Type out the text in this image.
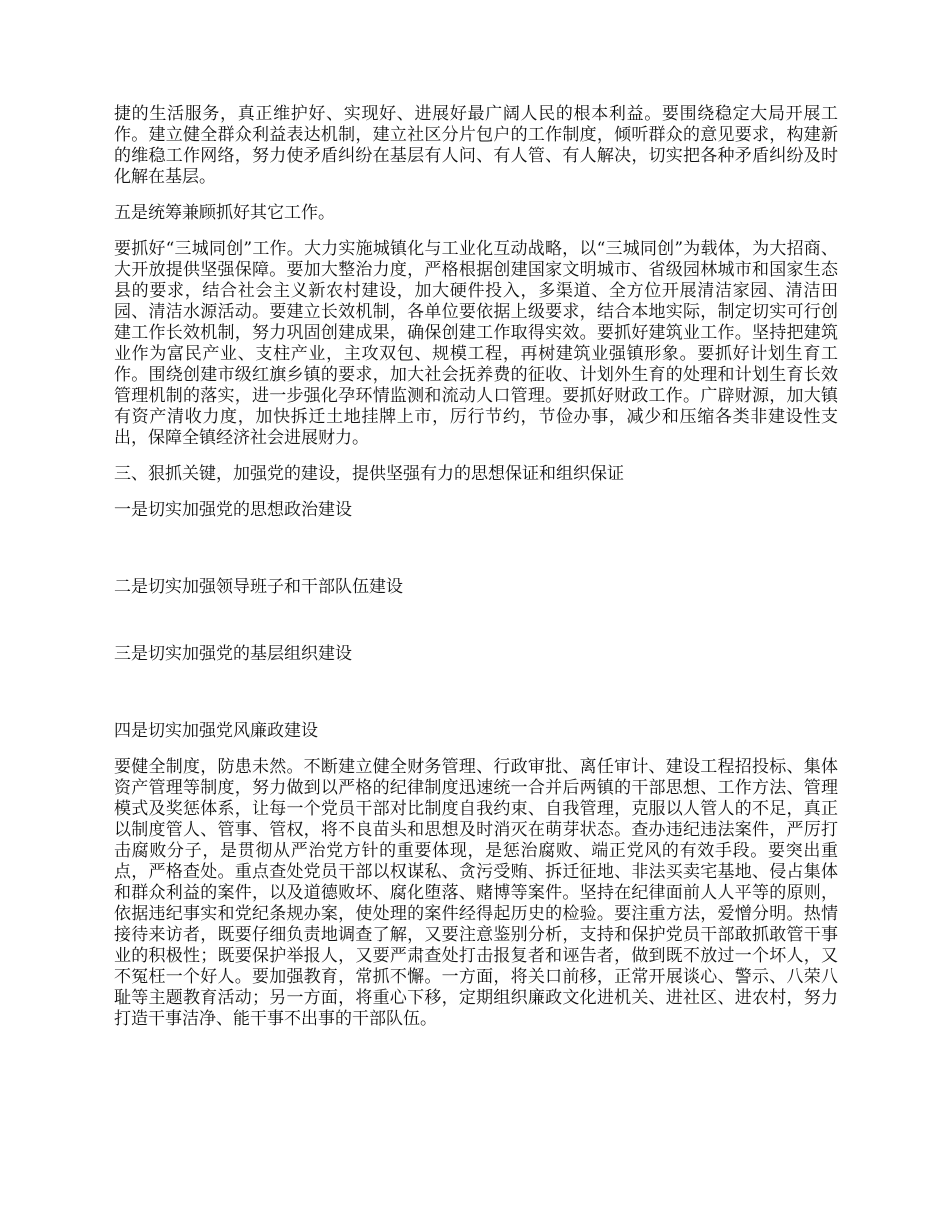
捷的生活服务，真正维护好、实现好、进展好最广阔人民的根本利益。要围绕稳定大局开展工作。建立健全群众利益表达机制，建立社区分片包户的工作制度，倾听群众的意见要求，构建新的维稳工作网络，努力使矛盾纠纷在基层有人问、有人管、有人解决，切实把各种矛盾纠纷及时化解在基层。

五是统筹兼顾抓好其它工作。

要抓好“三城同创”工作。大力实施城镇化与工业化互动战略，以“三城同创”为载体，为大招商、大开放提供坚强保障。要加大整治力度，严格根据创建国家文明城市、省级园林城市和国家生态县的要求，结合社会主义新农村建设，加大硬件投入，多渠道、全方位开展清洁家园、清洁田园、清洁水源活动。要建立长效机制，各单位要依据上级要求，结合本地实际，制定切实可行创建工作长效机制，努力巩固创建成果，确保创建工作取得实效。要抓好建筑业工作。坚持把建筑业作为富民产业、支柱产业，主攻双包、规模工程，再树建筑业强镇形象。要抓好计划生育工作。围绕创建市级红旗乡镇的要求，加大社会抚养费的征收、计划外生育的处理和计划生育长效管理机制的落实，进一步强化孕环情监测和流动人口管理。要抓好财政工作。广辟财源，加大镇有资产清收力度，加快拆迁土地挂牌上市，厉行节约，节俭办事，减少和压缩各类非建设性支出，保障全镇经济社会进展财力。

三、狠抓关键，加强党的建设，提供坚强有力的思想保证和组织保证

一是切实加强党的思想政治建设

二是切实加强领导班子和干部队伍建设

三是切实加强党的基层组织建设

四是切实加强党风廉政建设

要健全制度，防患未然。不断建立健全财务管理、行政审批、离任审计、建设工程招投标、集体资产管理等制度，努力做到以严格的纪律制度迅速统一合并后两镇的干部思想、工作方法、管理模式及奖惩体系，让每一个党员干部对比制度自我约束、自我管理，克服以人管人的不足，真正以制度管人、管事、管权，将不良苗头和思想及时消灭在萌芽状态。查办违纪违法案件，严厉打击腐败分子，是贯彻从严治党方针的重要体现，是惩治腐败、端正党风的有效手段。要突出重点，严格查处。重点查处党员干部以权谋私、贪污受贿、拆迁征地、非法买卖宅基地、侵占集体和群众利益的案件，以及道德败坏、腐化堕落、赌博等案件。坚持在纪律面前人人平等的原则，依据违纪事实和党纪条规办案，使处理的案件经得起历史的检验。要注重方法，爱憎分明。热情接待来访者，既要仔细负责地调查了解，又要注意鉴别分析，支持和保护党员干部敢抓敢管干事业的积极性；既要保护举报人，又要严肃查处打击报复者和诬告者，做到既不放过一个坏人，又不冤枉一个好人。要加强教育，常抓不懈。一方面，将关口前移，正常开展谈心、警示、八荣八耻等主题教育活动；另一方面，将重心下移，定期组织廉政文化进机关、进社区、进农村，努力打造干事洁净、能干事不出事的干部队伍。
